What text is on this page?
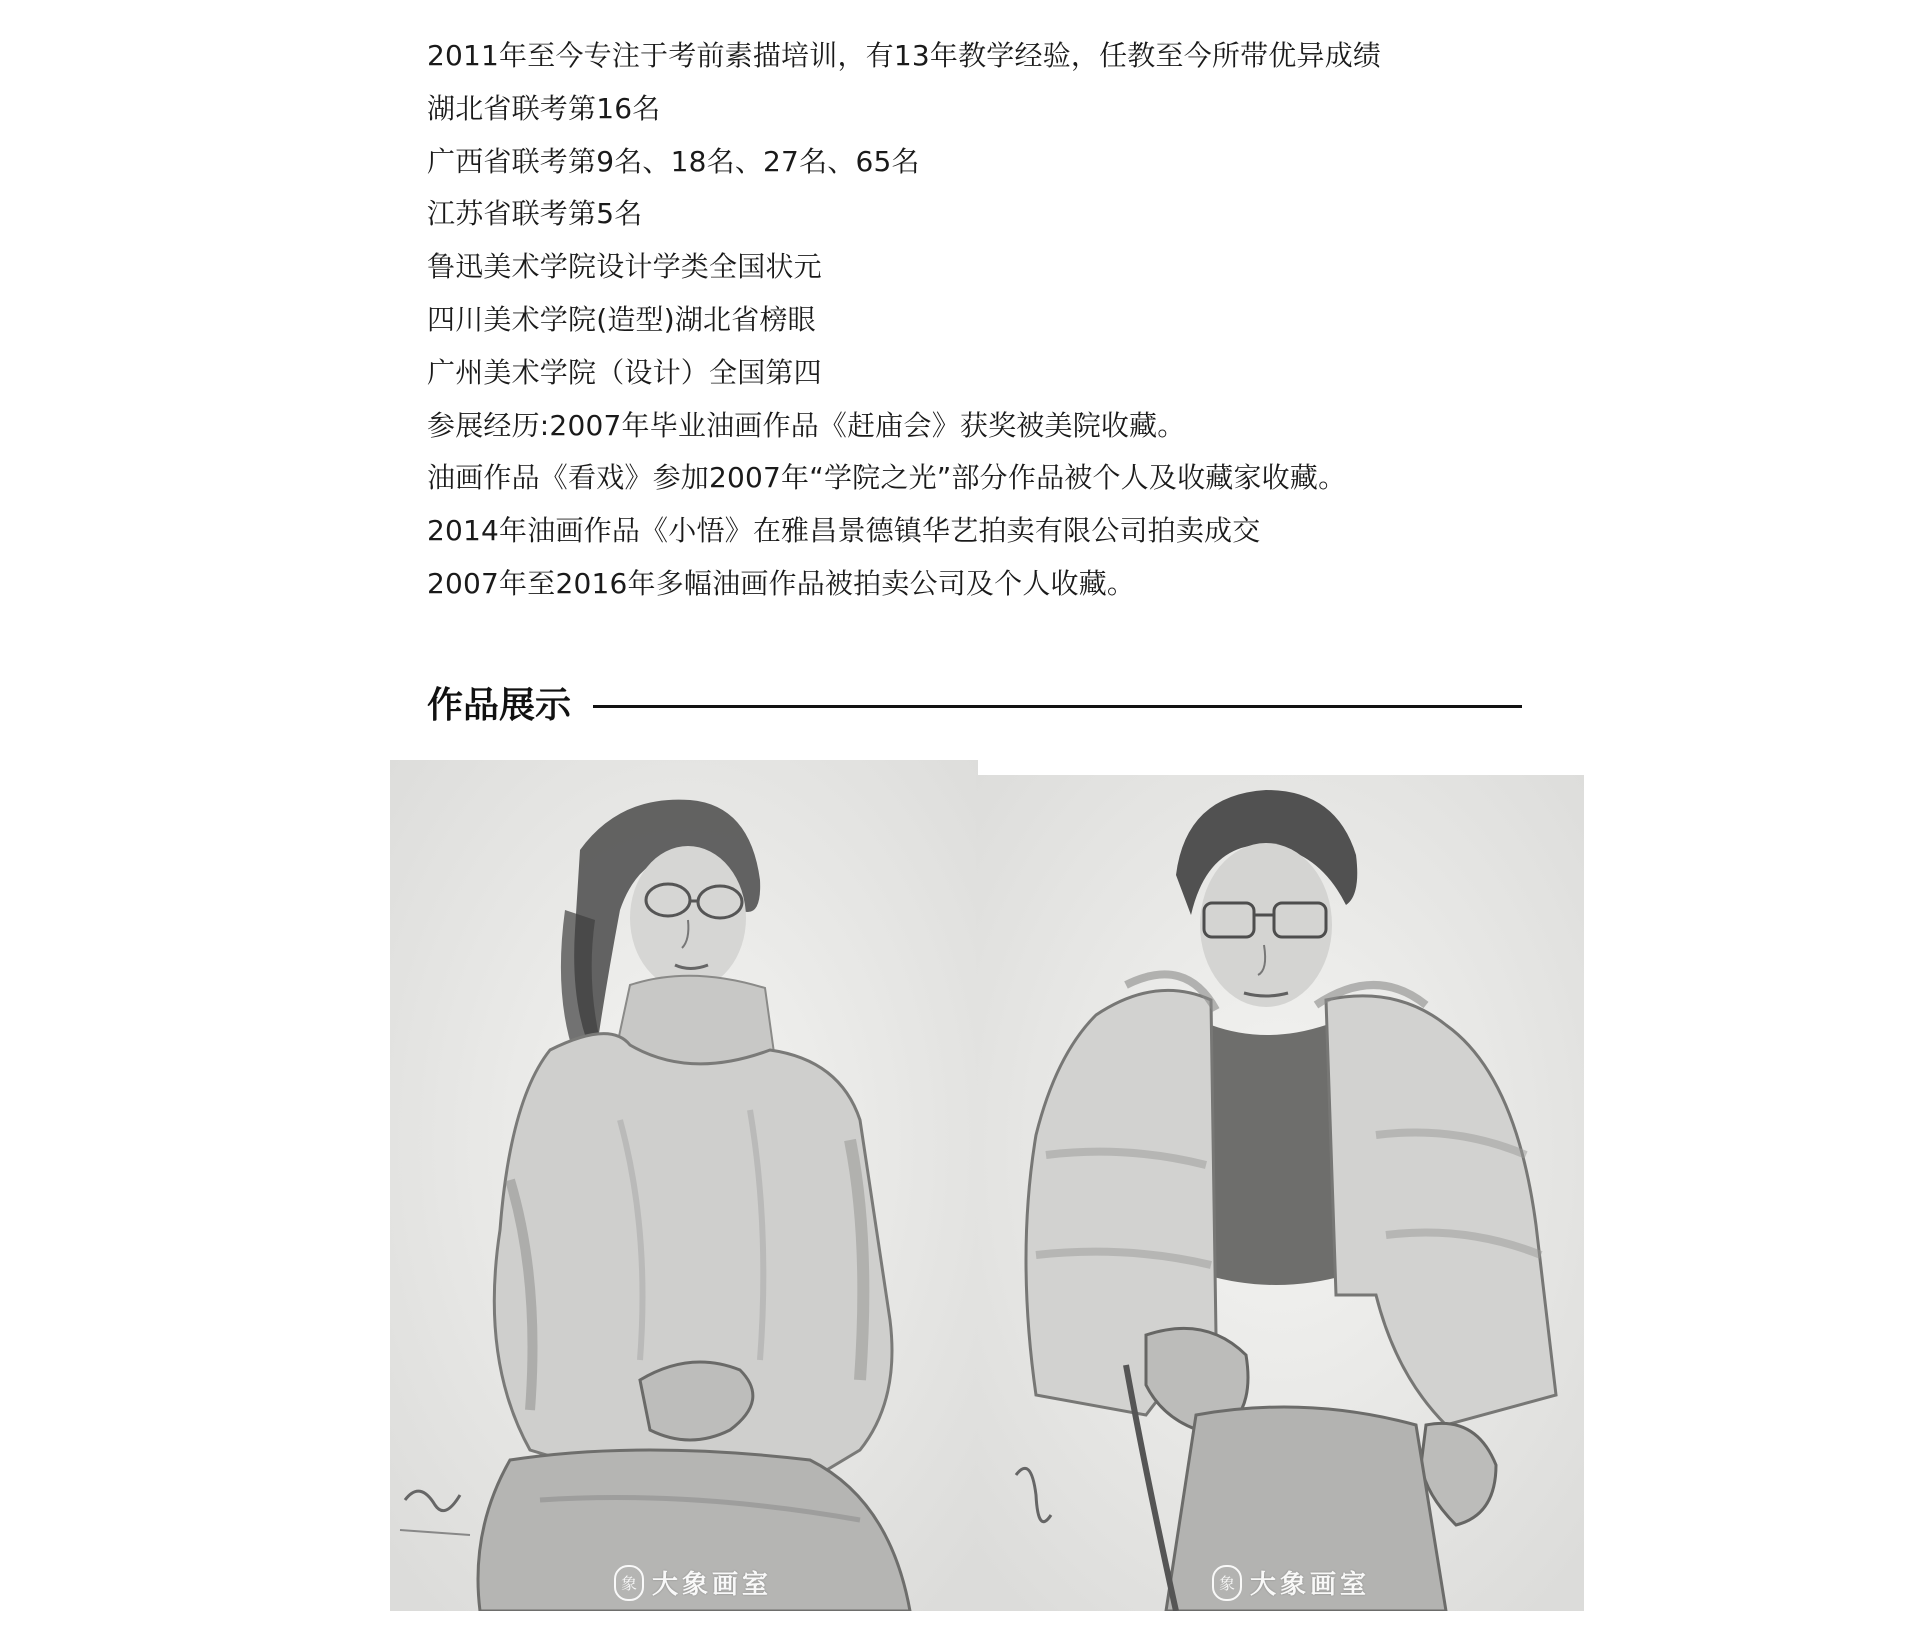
2011年至今专注于考前素描培训，有13年教学经验，任教至今所带优异成绩
湖北省联考第16名
广西省联考第9名、18名、27名、65名
江苏省联考第5名
鲁迅美术学院设计学类全国状元
四川美术学院(造型)湖北省榜眼
广州美术学院（设计）全国第四
参展经历:2007年毕业油画作品《赶庙会》获奖被美院收藏。
油画作品《看戏》参加2007年“学院之光”部分作品被个人及收藏家收藏。
2014年油画作品《小悟》在雅昌景德镇华艺拍卖有限公司拍卖成交
2007年至2016年多幅油画作品被拍卖公司及个人收藏。
作品展示
象 大象画室	象 大象画室
